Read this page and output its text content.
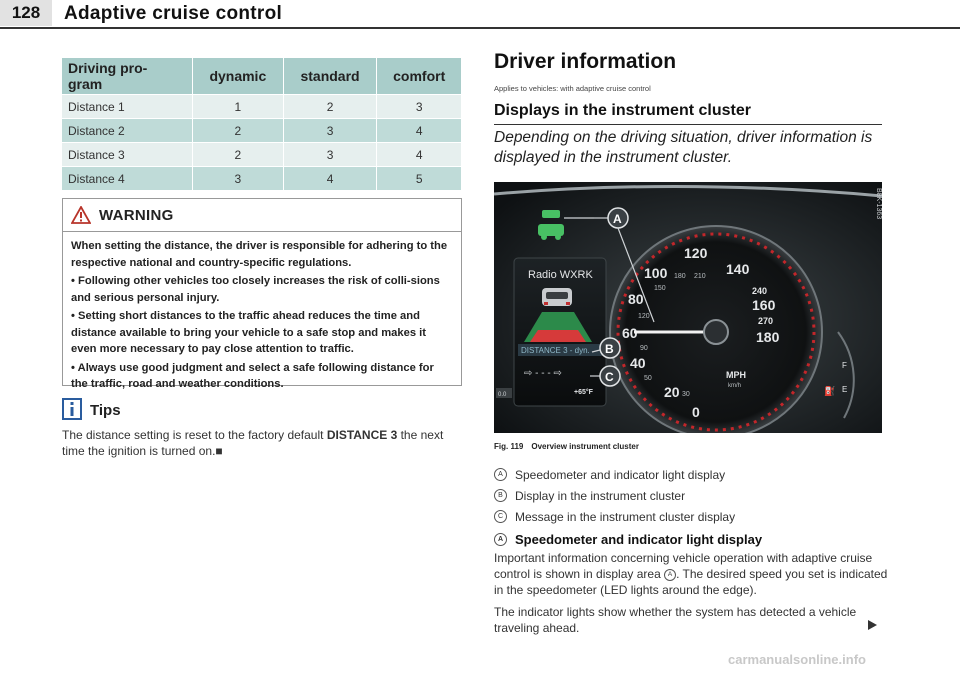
128	Adaptive cruise control
Driving pro-
gram	dynamic	standard	comfort
Distance 1	1	2	3
Distance 2	2	3	4
Distance 3	2	3	4
Distance 4	3	4	5
WARNING

When setting the distance, the driver is responsible for adhering to the respective national and country-specific regulations.

• Following other vehicles too closely increases the risk of colli-sions and serious personal injury.

• Setting short distances to the traffic ahead reduces the time and distance available to bring your vehicle to a safe stop and makes it even more necessary to pay close attention to traffic.

• Always use good judgment and select a safe following distance for the traffic, road and weather conditions.

Tips
The distance setting is reset to the factory default DISTANCE 3 the next time the ignition is turned on.■
Driver information
Applies to vehicles: with adaptive cruise control
Displays in the instrument cluster
Depending on the driving situation, driver information is displayed in the instrument cluster.
Radio WXRK
DISTANCE 3 - dyn.
⇨ - - - ⇨
+65°F
0.0
0
20
40
60
80
100
120
140
160
180
240
270
30
50
90
120
150
180 210
MPH
km/h
F
E
⛽
A
B
C
B8K-1363
Fig. 119 Overview instrument cluster
A	Speedometer and indicator light display
B	Display in the instrument cluster
C Message in the instrument cluster display
A Speedometer and indicator light display
Important information concerning vehicle operation with adaptive cruise control is shown in display area A . The desired speed you set is indicated in the speedometer (LED lights around the edge).
The indicator lights show whether the system has detected a vehicle traveling ahead.
carmanualsonline.info
